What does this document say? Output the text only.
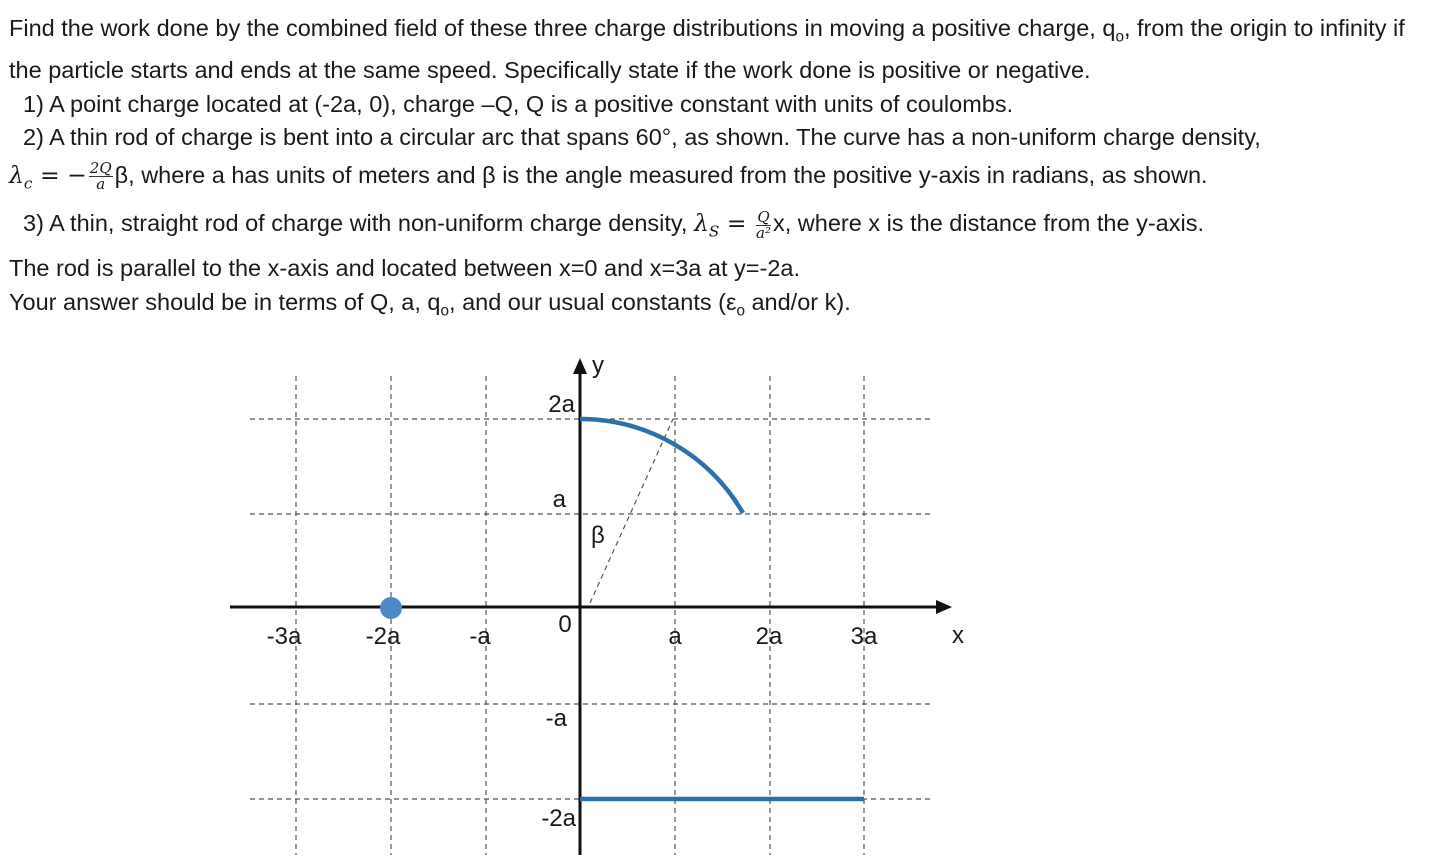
Find the work done by the combined field of these three charge distributions in moving a positive charge, $q_o$, from the origin to infinity if the particle starts and ends at the same speed. Specifically state if the work done is positive or negative.

1) A point charge located at (-2a, 0), charge –Q, Q is a positive constant with units of coulombs.

2) A thin rod of charge is bent into a circular arc that spans 60°, as shown. The curve has a non-uniform charge density,

$\lambda_c$ = − $\frac{2Q}{a} \beta$, where a has units of meters and β is the angle measured from the positive y-axis in radians, as shown.

3) A thin, straight rod of charge with non-uniform charge density, $\lambda_S = \frac{Q}{\text{a²}} x$, where x is the distance from the y-axis.

The rod is parallel to the x-axis and located between x=0 and x=3a at y=-2a.

Your answer should be in terms of Q, a, $q_o$, and our usual constants ($\varepsilon_o$ and/or k).

y
x
-3a	-2a	-a	0	a	2a	3a
2a
a
-a
-2a
β
